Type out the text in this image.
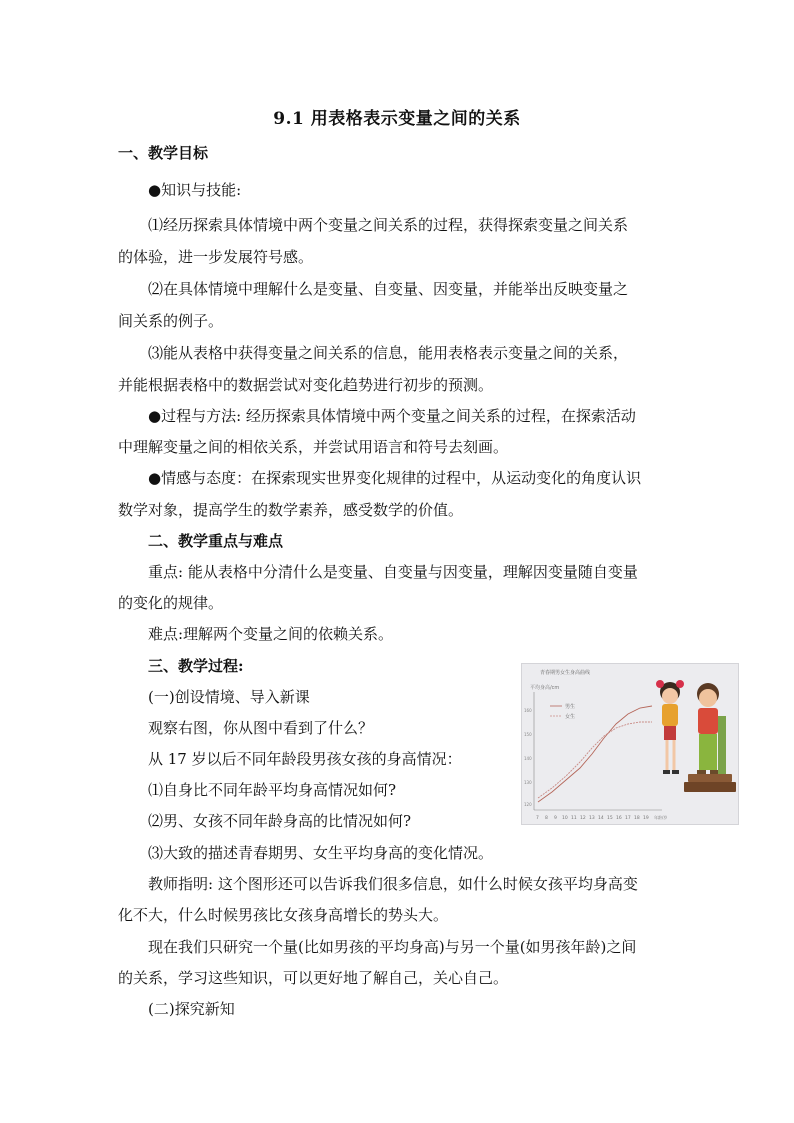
9.1 用表格表示变量之间的关系
一、教学目标
●知识与技能:
⑴经历探索具体情境中两个变量之间关系的过程，获得探索变量之间关系
的体验，进一步发展符号感。
⑵在具体情境中理解什么是变量、自变量、因变量，并能举出反映变量之
间关系的例子。
⑶能从表格中获得变量之间关系的信息，能用表格表示变量之间的关系，
并能根据表格中的数据尝试对变化趋势进行初步的预测。
●过程与方法: 经历探索具体情境中两个变量之间关系的过程，在探索活动
中理解变量之间的相依关系，并尝试用语言和符号去刻画。
●情感与态度：在探索现实世界变化规律的过程中，从运动变化的角度认识
数学对象，提高学生的数学素养，感受数学的价值。
二、教学重点与难点
重点: 能从表格中分清什么是变量、自变量与因变量，理解因变量随自变量
的变化的规律。
难点:理解两个变量之间的依赖关系。
三、教学过程:
(一)创设情境、导入新课
观察右图，你从图中看到了什么？
从 17 岁以后不同年龄段男孩女孩的身高情况：
⑴自身比不同年龄平均身高情况如何?
⑵男、女孩不同年龄身高的比情况如何?
⑶大致的描述青春期男、女生平均身高的变化情况。
教师指明: 这个图形还可以告诉我们很多信息，如什么时候女孩平均身高变
化不大，什么时候男孩比女孩身高增长的势头大。
现在我们只研究一个量(比如男孩的平均身高)与另一个量(如男孩年龄)之间
的关系，学习这些知识，可以更好地了解自己，关心自己。
(二)探究新知
青春期男女生身高曲线
平均身高/cm
160
150
140
130
120
7 8 9 10 11 12 13 14 15 16 17 18 19 年龄/岁
男生
女生
